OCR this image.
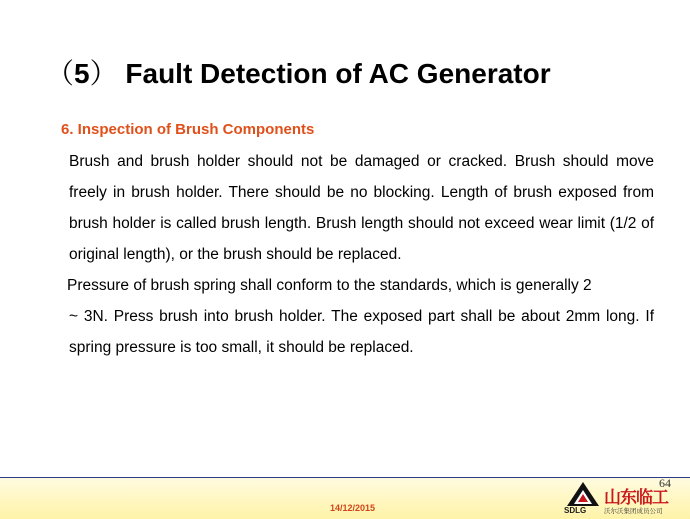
（5） Fault Detection of AC Generator
6. Inspection of Brush Components
Brush and brush holder should not be damaged or cracked. Brush should move freely in brush holder. There should be no blocking. Length of brush exposed from brush holder is called brush length. Brush length should not exceed wear limit (1/2 of original length), or the brush should be replaced.
Pressure of brush spring shall conform to the standards, which is generally 2
~ 3N. Press brush into brush holder. The exposed part shall be about 2mm long. If spring pressure is too small, it should be replaced.
64
14/12/2015	山东临工
SDLG	沃尔沃集团成员公司
